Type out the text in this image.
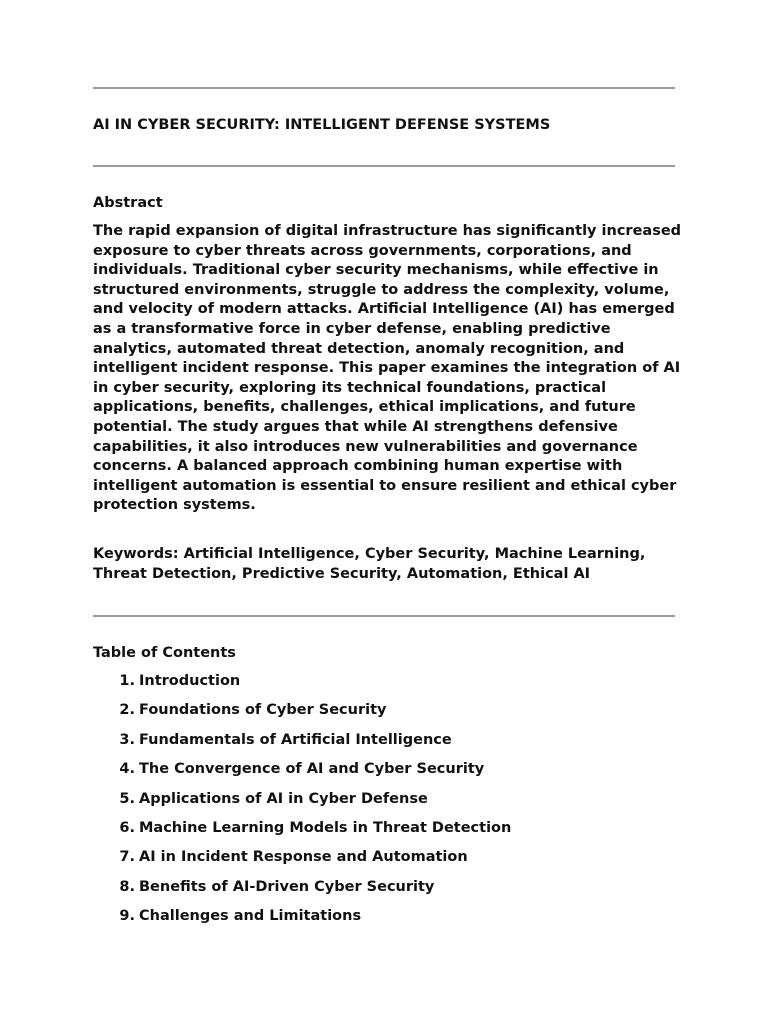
AI IN CYBER SECURITY: INTELLIGENT DEFENSE SYSTEMS
Abstract

The rapid expansion of digital infrastructure has significantly increased exposure to cyber threats across governments, corporations, and individuals. Traditional cyber security mechanisms, while effective in structured environments, struggle to address the complexity, volume, and velocity of modern attacks. Artificial Intelligence (AI) has emerged as a transformative force in cyber defense, enabling predictive analytics, automated threat detection, anomaly recognition, and intelligent incident response. This paper examines the integration of AI in cyber security, exploring its technical foundations, practical applications, benefits, challenges, ethical implications, and future potential. The study argues that while AI strengthens defensive capabilities, it also introduces new vulnerabilities and governance concerns. A balanced approach combining human expertise with intelligent automation is essential to ensure resilient and ethical cyber protection systems.

Keywords: Artificial Intelligence, Cyber Security, Machine Learning, Threat Detection, Predictive Security, Automation, Ethical AI

Table of Contents
1. Introduction
2. Foundations of Cyber Security
3. Fundamentals of Artificial Intelligence
4. The Convergence of AI and Cyber Security
5. Applications of AI in Cyber Defense
6. Machine Learning Models in Threat Detection
7. AI in Incident Response and Automation
8. Benefits of AI-Driven Cyber Security
9. Challenges and Limitations
